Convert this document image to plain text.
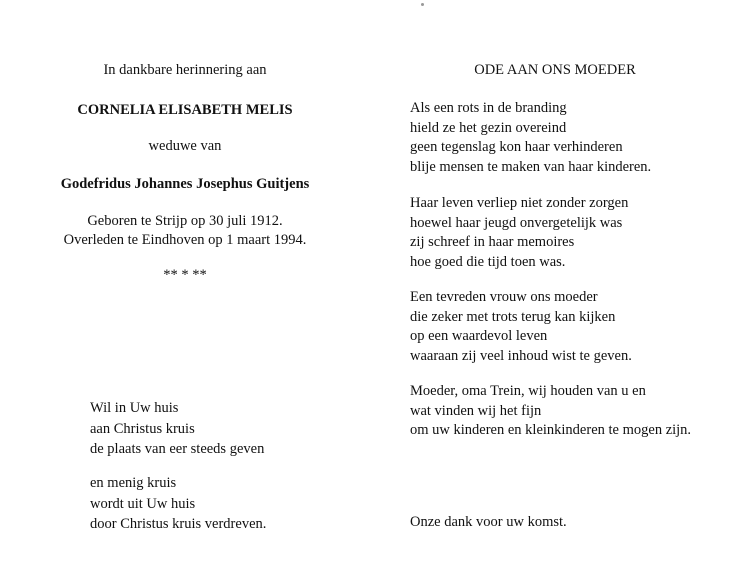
In dankbare herinnering aan
CORNELIA ELISABETH MELIS
weduwe van
Godefridus Johannes Josephus Guitjens
Geboren te Strijp op 30 juli 1912.
Overleden te Eindhoven op 1 maart 1994.
** * **
Wil in Uw huis
aan Christus kruis
de plaats van eer steeds geven
en menig kruis
wordt uit Uw huis
door Christus kruis verdreven.
ODE AAN ONS MOEDER
Als een rots in de branding
hield ze het gezin overeind
geen tegenslag kon haar verhinderen
blije mensen te maken van haar kinderen.
Haar leven verliep niet zonder zorgen
hoewel haar jeugd onvergetelijk was
zij schreef in haar memoires
hoe goed die tijd toen was.
Een tevreden vrouw ons moeder
die zeker met trots terug kan kijken
op een waardevol leven
waaraan zij veel inhoud wist te geven.
Moeder, oma Trein, wij houden van u en
wat vinden wij het fijn
om uw kinderen en kleinkinderen te mogen zijn.
Onze dank voor uw komst.
